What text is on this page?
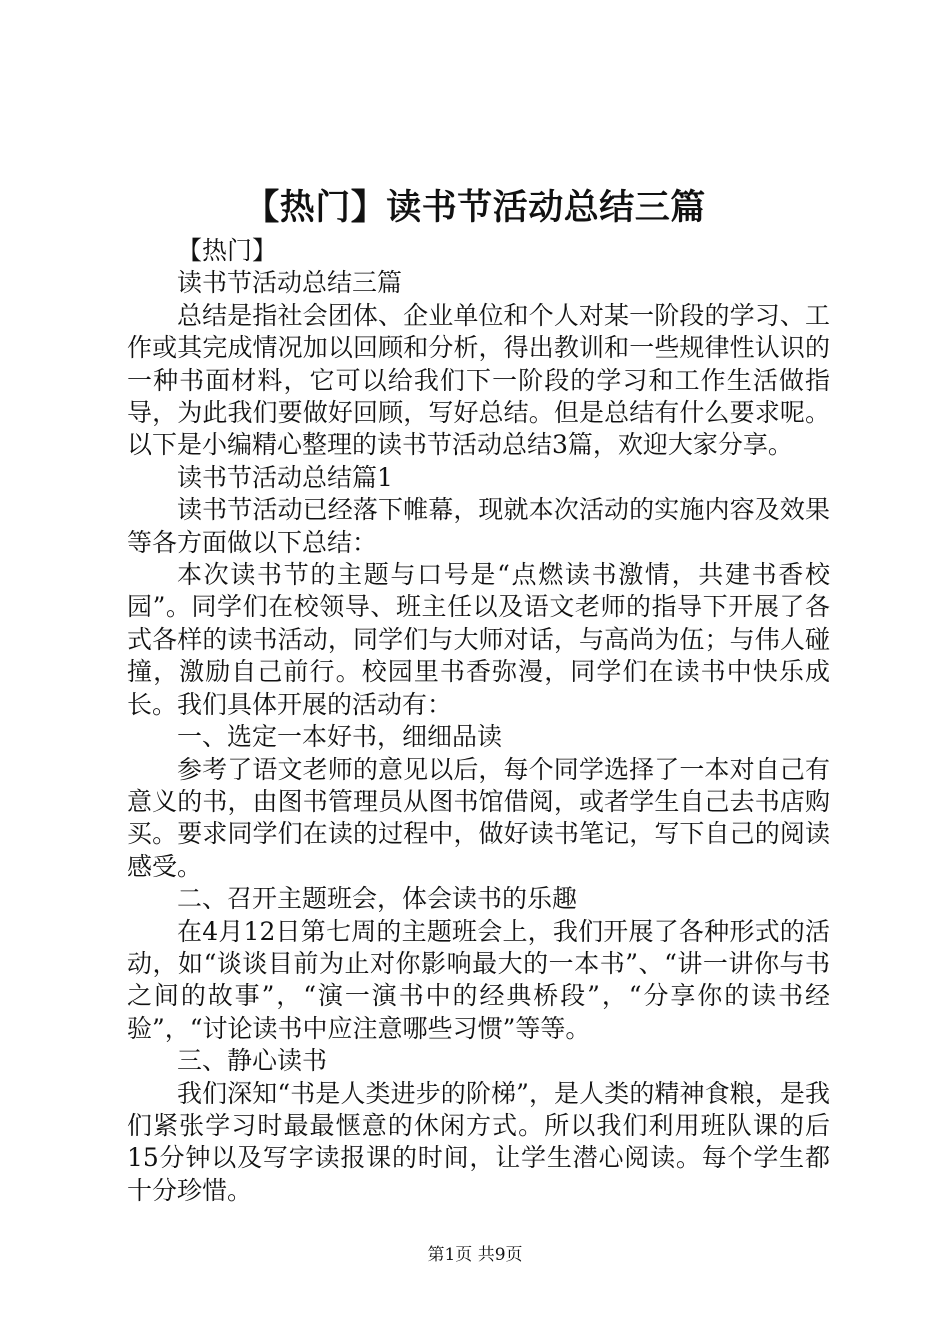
【热门】读书节活动总结三篇

【热门】

读书节活动总结三篇

总结是指社会团体、企业单位和个人对某一阶段的学习、工作或其完成情况加以回顾和分析，得出教训和一些规律性认识的一种书面材料，它可以给我们下一阶段的学习和工作生活做指导，为此我们要做好回顾，写好总结。但是总结有什么要求呢。以下是小编精心整理的读书节活动总结3篇，欢迎大家分享。

读书节活动总结篇1

读书节活动已经落下帷幕，现就本次活动的实施内容及效果等各方面做以下总结：

本次读书节的主题与口号是“点燃读书激情，共建书香校园”。同学们在校领导、班主任以及语文老师的指导下开展了各式各样的读书活动，同学们与大师对话，与高尚为伍；与伟人碰撞，激励自己前行。校园里书香弥漫，同学们在读书中快乐成长。我们具体开展的活动有：

一、选定一本好书，细细品读

参考了语文老师的意见以后，每个同学选择了一本对自己有意义的书，由图书管理员从图书馆借阅，或者学生自己去书店购买。要求同学们在读的过程中，做好读书笔记，写下自己的阅读感受。

二、召开主题班会，体会读书的乐趣

在4月12日第七周的主题班会上，我们开展了各种形式的活动，如“谈谈目前为止对你影响最大的一本书”、“讲一讲你与书之间的故事”，“演一演书中的经典桥段”，“分享你的读书经验”，“讨论读书中应注意哪些习惯”等等。

三、静心读书

我们深知“书是人类进步的阶梯”，是人类的精神食粮，是我们紧张学习时最最惬意的休闲方式。所以我们利用班队课的后15分钟以及写字读报课的时间，让学生潜心阅读。每个学生都十分珍惜。

第1页 共9页
